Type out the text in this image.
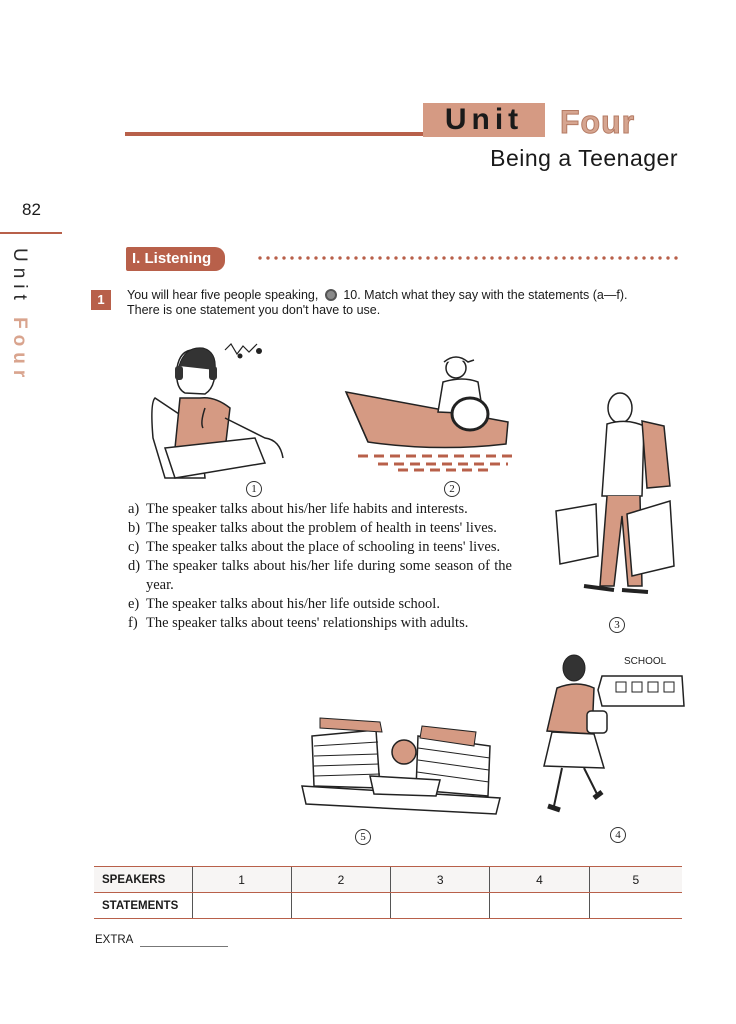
82
Unit Four
Unit	Four
Being a Teenager
I. Listening
1	You will hear five people speaking, 10. Match what they say with the statements (a—f).
There is one statement you don't have to use.
1	2
3
SCHOOL
4
5
a) The speaker talks about his/her life habits and interests.
b) The speaker talks about the problem of health in teens' lives.
c) The speaker talks about the place of schooling in teens' lives.
d) The speaker talks about his/her life during some season of the year.
e) The speaker talks about his/her life outside school.
f) The speaker talks about teens' relationships with adults.
SPEAKERS	1	2	3	4	5
STATEMENTS					
EXTRA
